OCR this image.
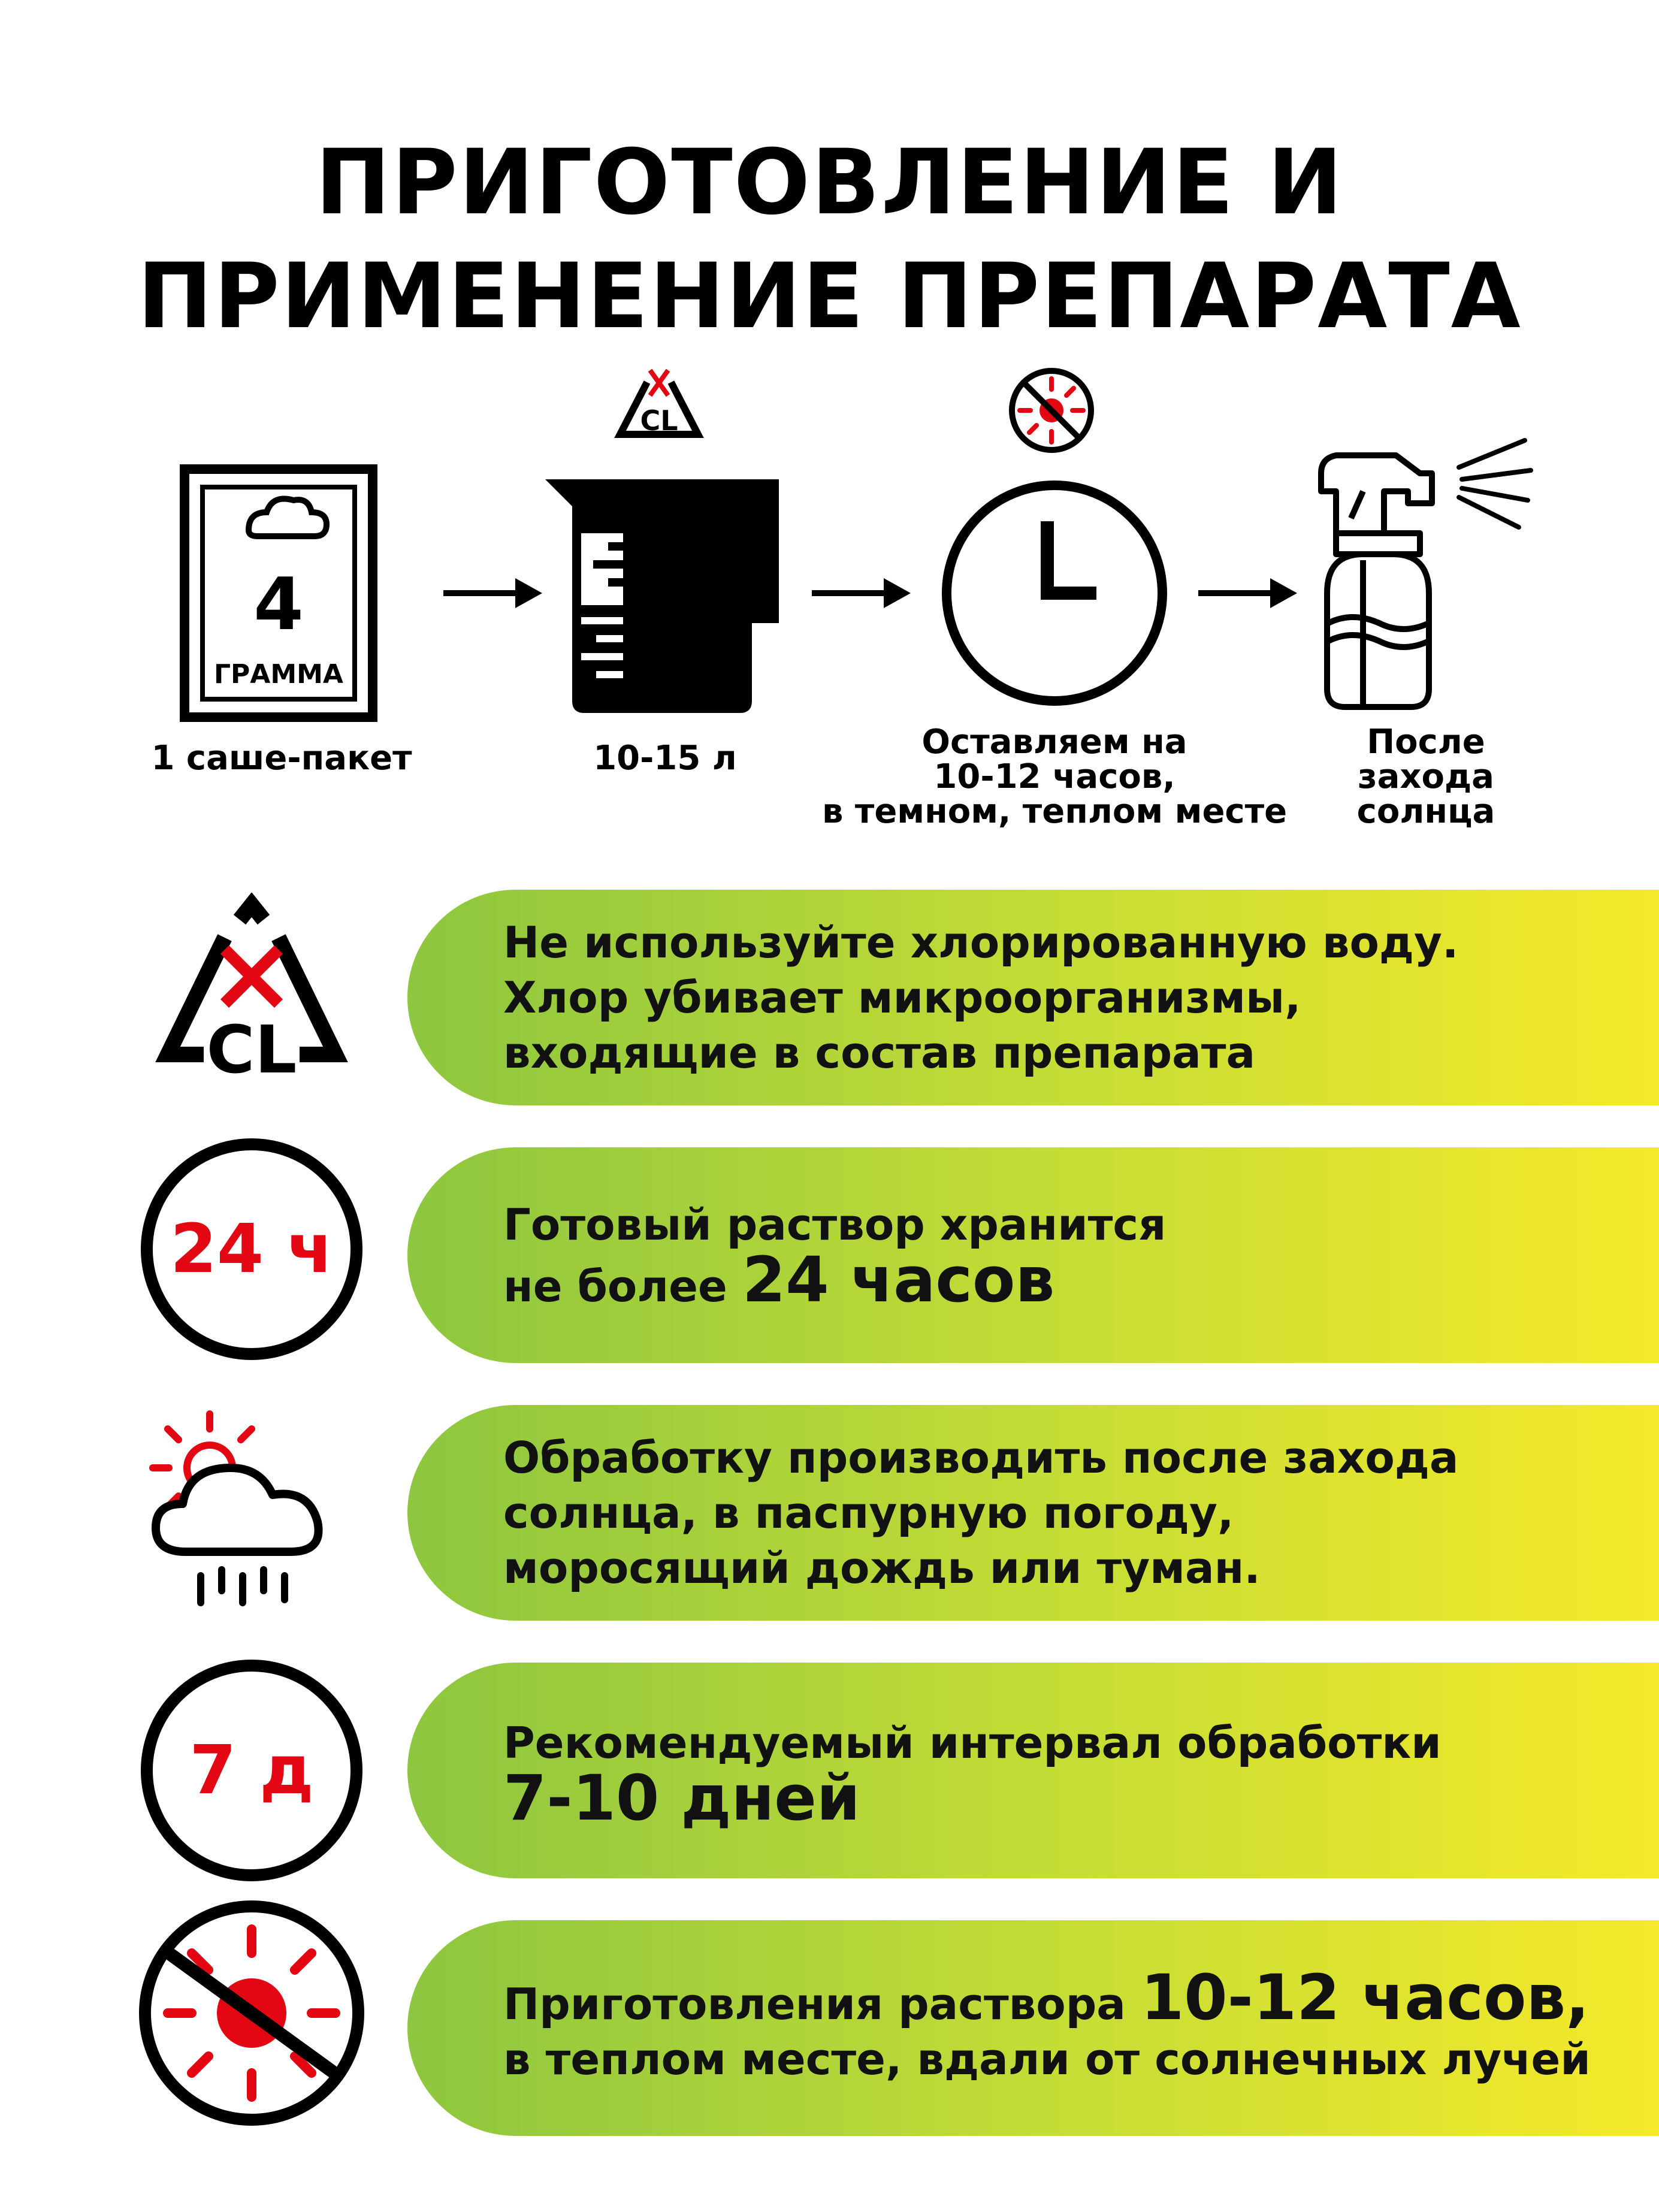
ПРИГОТОВЛЕНИЕ И
ПРИМЕНЕНИЕ ПРЕПАРАТА
4
ГРАММА
1 саше-пакет
CL
10-15 л	Оставляем на
10-12 часов,
в темном, теплом месте
После
захода
солнца
CL
Не используйте хлорированную воду.
Хлор убивает микроорганизмы,
входящие в состав препарата
24 ч	Готовый раствор хранится
не более 24 часов
Обработку производить после захода
солнца, в паспурную погоду,
моросящий дождь или туман.
7 д	Рекомендуемый интервал обработки
7-10 дней
Приготовления раствора 10-12 часов,
в теплом месте, вдали от солнечных лучей
